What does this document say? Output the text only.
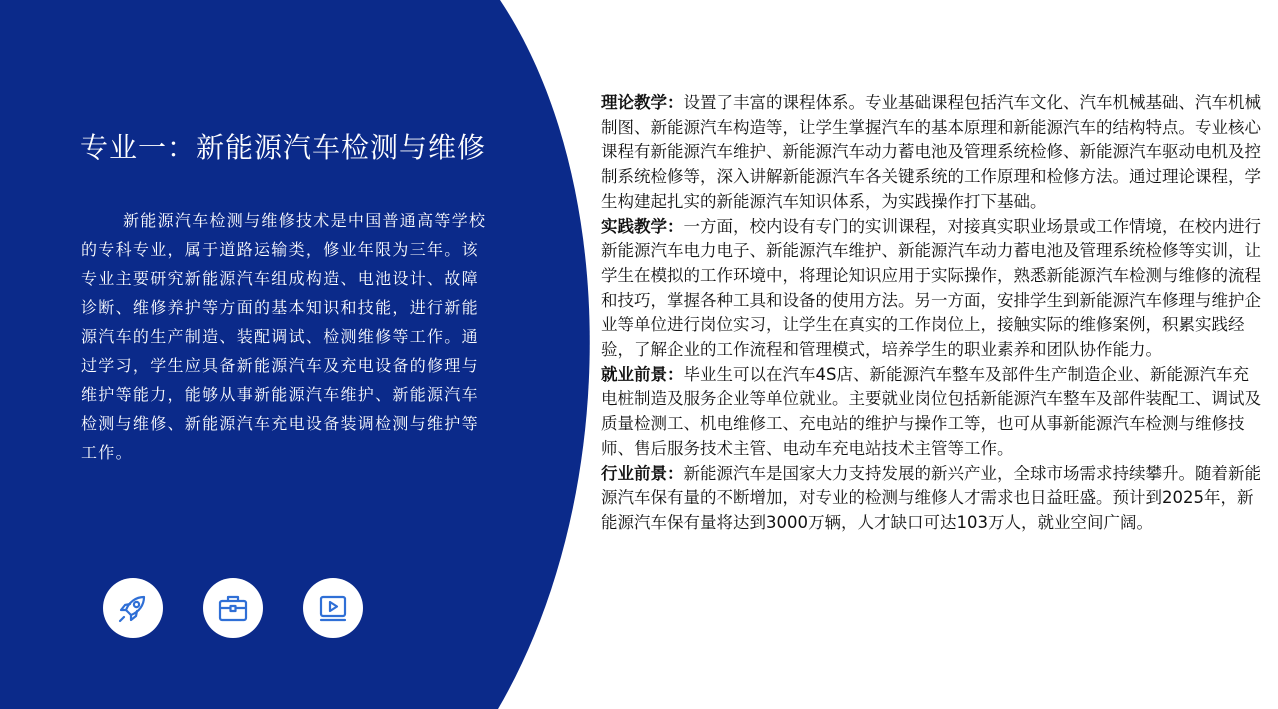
专业一：新能源汽车检测与维修

新能源汽车检测与维修技术是中国普通高等学校的专科专业，属于道路运输类，修业年限为三年。该专业主要研究新能源汽车组成构造、电池设计、故障诊断、维修养护等方面的基本知识和技能，进行新能源汽车的生产制造、装配调试、检测维修等工作。通过学习，学生应具备新能源汽车及充电设备的修理与维护等能力，能够从事新能源汽车维护、新能源汽车检测与维修、新能源汽车充电设备装调检测与维护等工作。

理论教学：设置了丰富的课程体系。专业基础课程包括汽车文化、汽车机械基础、汽车机械制图、新能源汽车构造等，让学生掌握汽车的基本原理和新能源汽车的结构特点。专业核心课程有新能源汽车维护、新能源汽车动力蓄电池及管理系统检修、新能源汽车驱动电机及控制系统检修等，深入讲解新能源汽车各关键系统的工作原理和检修方法。通过理论课程，学生构建起扎实的新能源汽车知识体系，为实践操作打下基础。

实践教学：一方面，校内设有专门的实训课程，对接真实职业场景或工作情境，在校内进行新能源汽车电力电子、新能源汽车维护、新能源汽车动力蓄电池及管理系统检修等实训，让学生在模拟的工作环境中，将理论知识应用于实际操作，熟悉新能源汽车检测与维修的流程和技巧，掌握各种工具和设备的使用方法。另一方面，安排学生到新能源汽车修理与维护企业等单位进行岗位实习，让学生在真实的工作岗位上，接触实际的维修案例，积累实践经验，了解企业的工作流程和管理模式，培养学生的职业素养和团队协作能力。

就业前景：毕业生可以在汽车4S店、新能源汽车整车及部件生产制造企业、新能源汽车充电桩制造及服务企业等单位就业。主要就业岗位包括新能源汽车整车及部件装配工、调试及质量检测工、机电维修工、充电站的维护与操作工等，也可从事新能源汽车检测与维修技师、售后服务技术主管、电动车充电站技术主管等工作。

行业前景：新能源汽车是国家大力支持发展的新兴产业，全球市场需求持续攀升。随着新能源汽车保有量的不断增加，对专业的检测与维修人才需求也日益旺盛。预计到2025年，新能源汽车保有量将达到3000万辆，人才缺口可达103万人，就业空间广阔。
